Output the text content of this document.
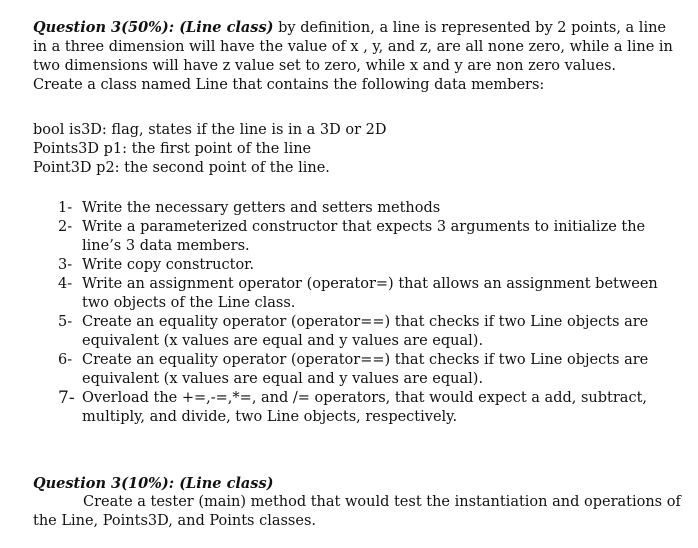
Question 3(50%): (Line class) by definition, a line is represented by 2 points, a line in a three dimension will have the value of x , y, and z, are all none zero, while a line in two dimensions will have z value set to zero, while x and y are non zero values.
Create a class named Line that contains the following data members:
bool is3D: flag, states if the line is in a 3D or 2D
Points3D p1: the first point of the line
Point3D p2: the second point of the line.
1- Write the necessary getters and setters methods
2- Write a parameterized constructor that expects 3 arguments to initialize the line’s 3 data members.
3- Write copy constructor.
4- Write an assignment operator (operator=) that allows an assignment between two objects of the Line class.
5- Create an equality operator (operator==) that checks if two Line objects are equivalent (x values are equal and y values are equal).
6- Create an equality operator (operator==) that checks if two Line objects are equivalent (x values are equal and y values are equal).
7- Overload the +=,-=,*=, and /= operators, that would expect a add, subtract, multiply, and divide, two Line objects, respectively.
Question 3(10%): (Line class)
Create a tester (main) method that would test the instantiation and operations of the Line, Points3D, and Points classes.
